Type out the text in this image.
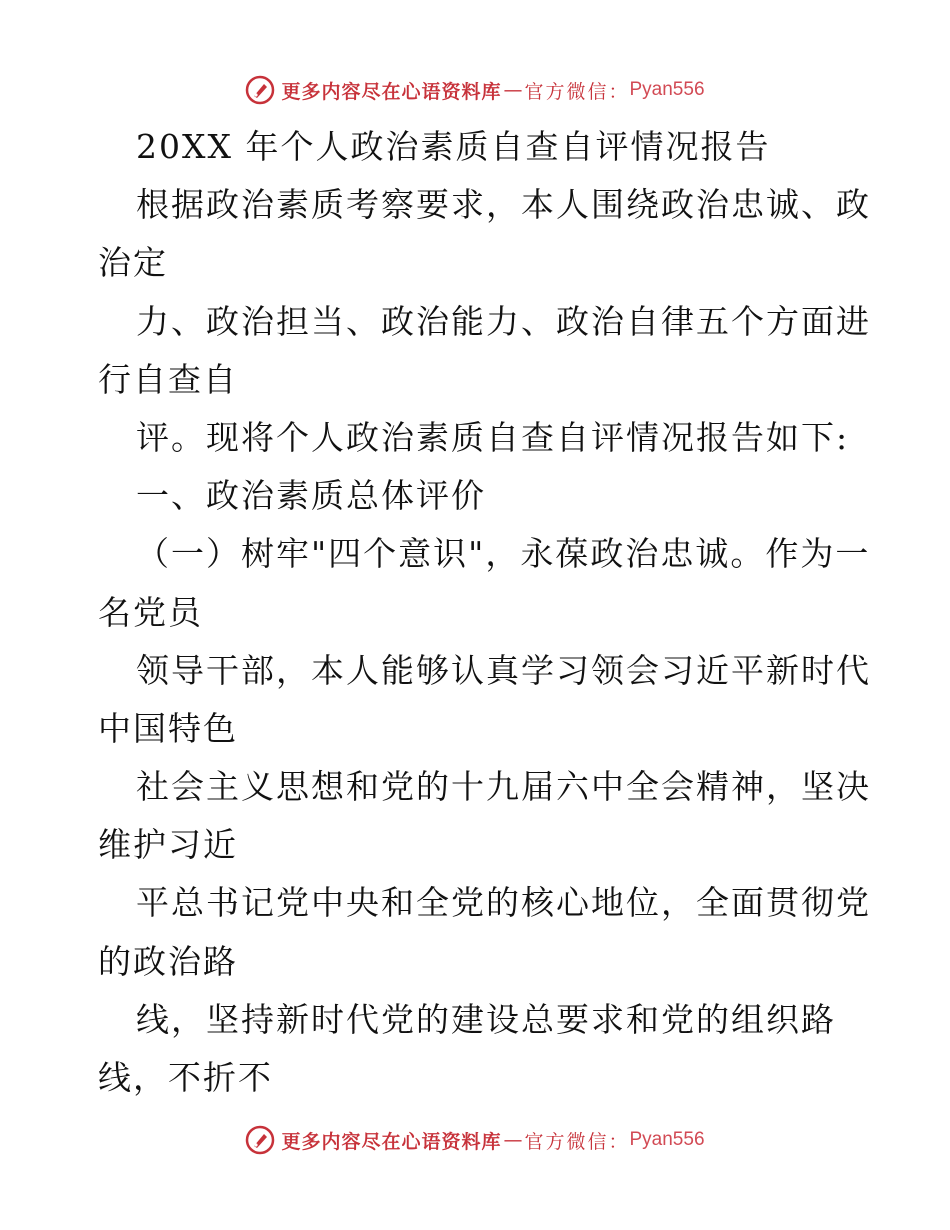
更多内容尽在心语资料库 — 官方微信： Pyan556
20XX 年个人政治素质自查自评情况报告
根据政治素质考察要求，本人围绕政治忠诚、政
治定
力、政治担当、政治能力、政治自律五个方面进
行自查自
评。现将个人政治素质自查自评情况报告如下:
一、政治素质总体评价
（一）树牢"四个意识"，永葆政治忠诚。作为一
名党员
领导干部，本人能够认真学习领会习近平新时代
中国特色
社会主义思想和党的十九届六中全会精神，坚决
维护习近
平总书记党中央和全党的核心地位，全面贯彻党
的政治路
线，坚持新时代党的建设总要求和党的组织路
线，不折不
更多内容尽在心语资料库 — 官方微信： Pyan556
